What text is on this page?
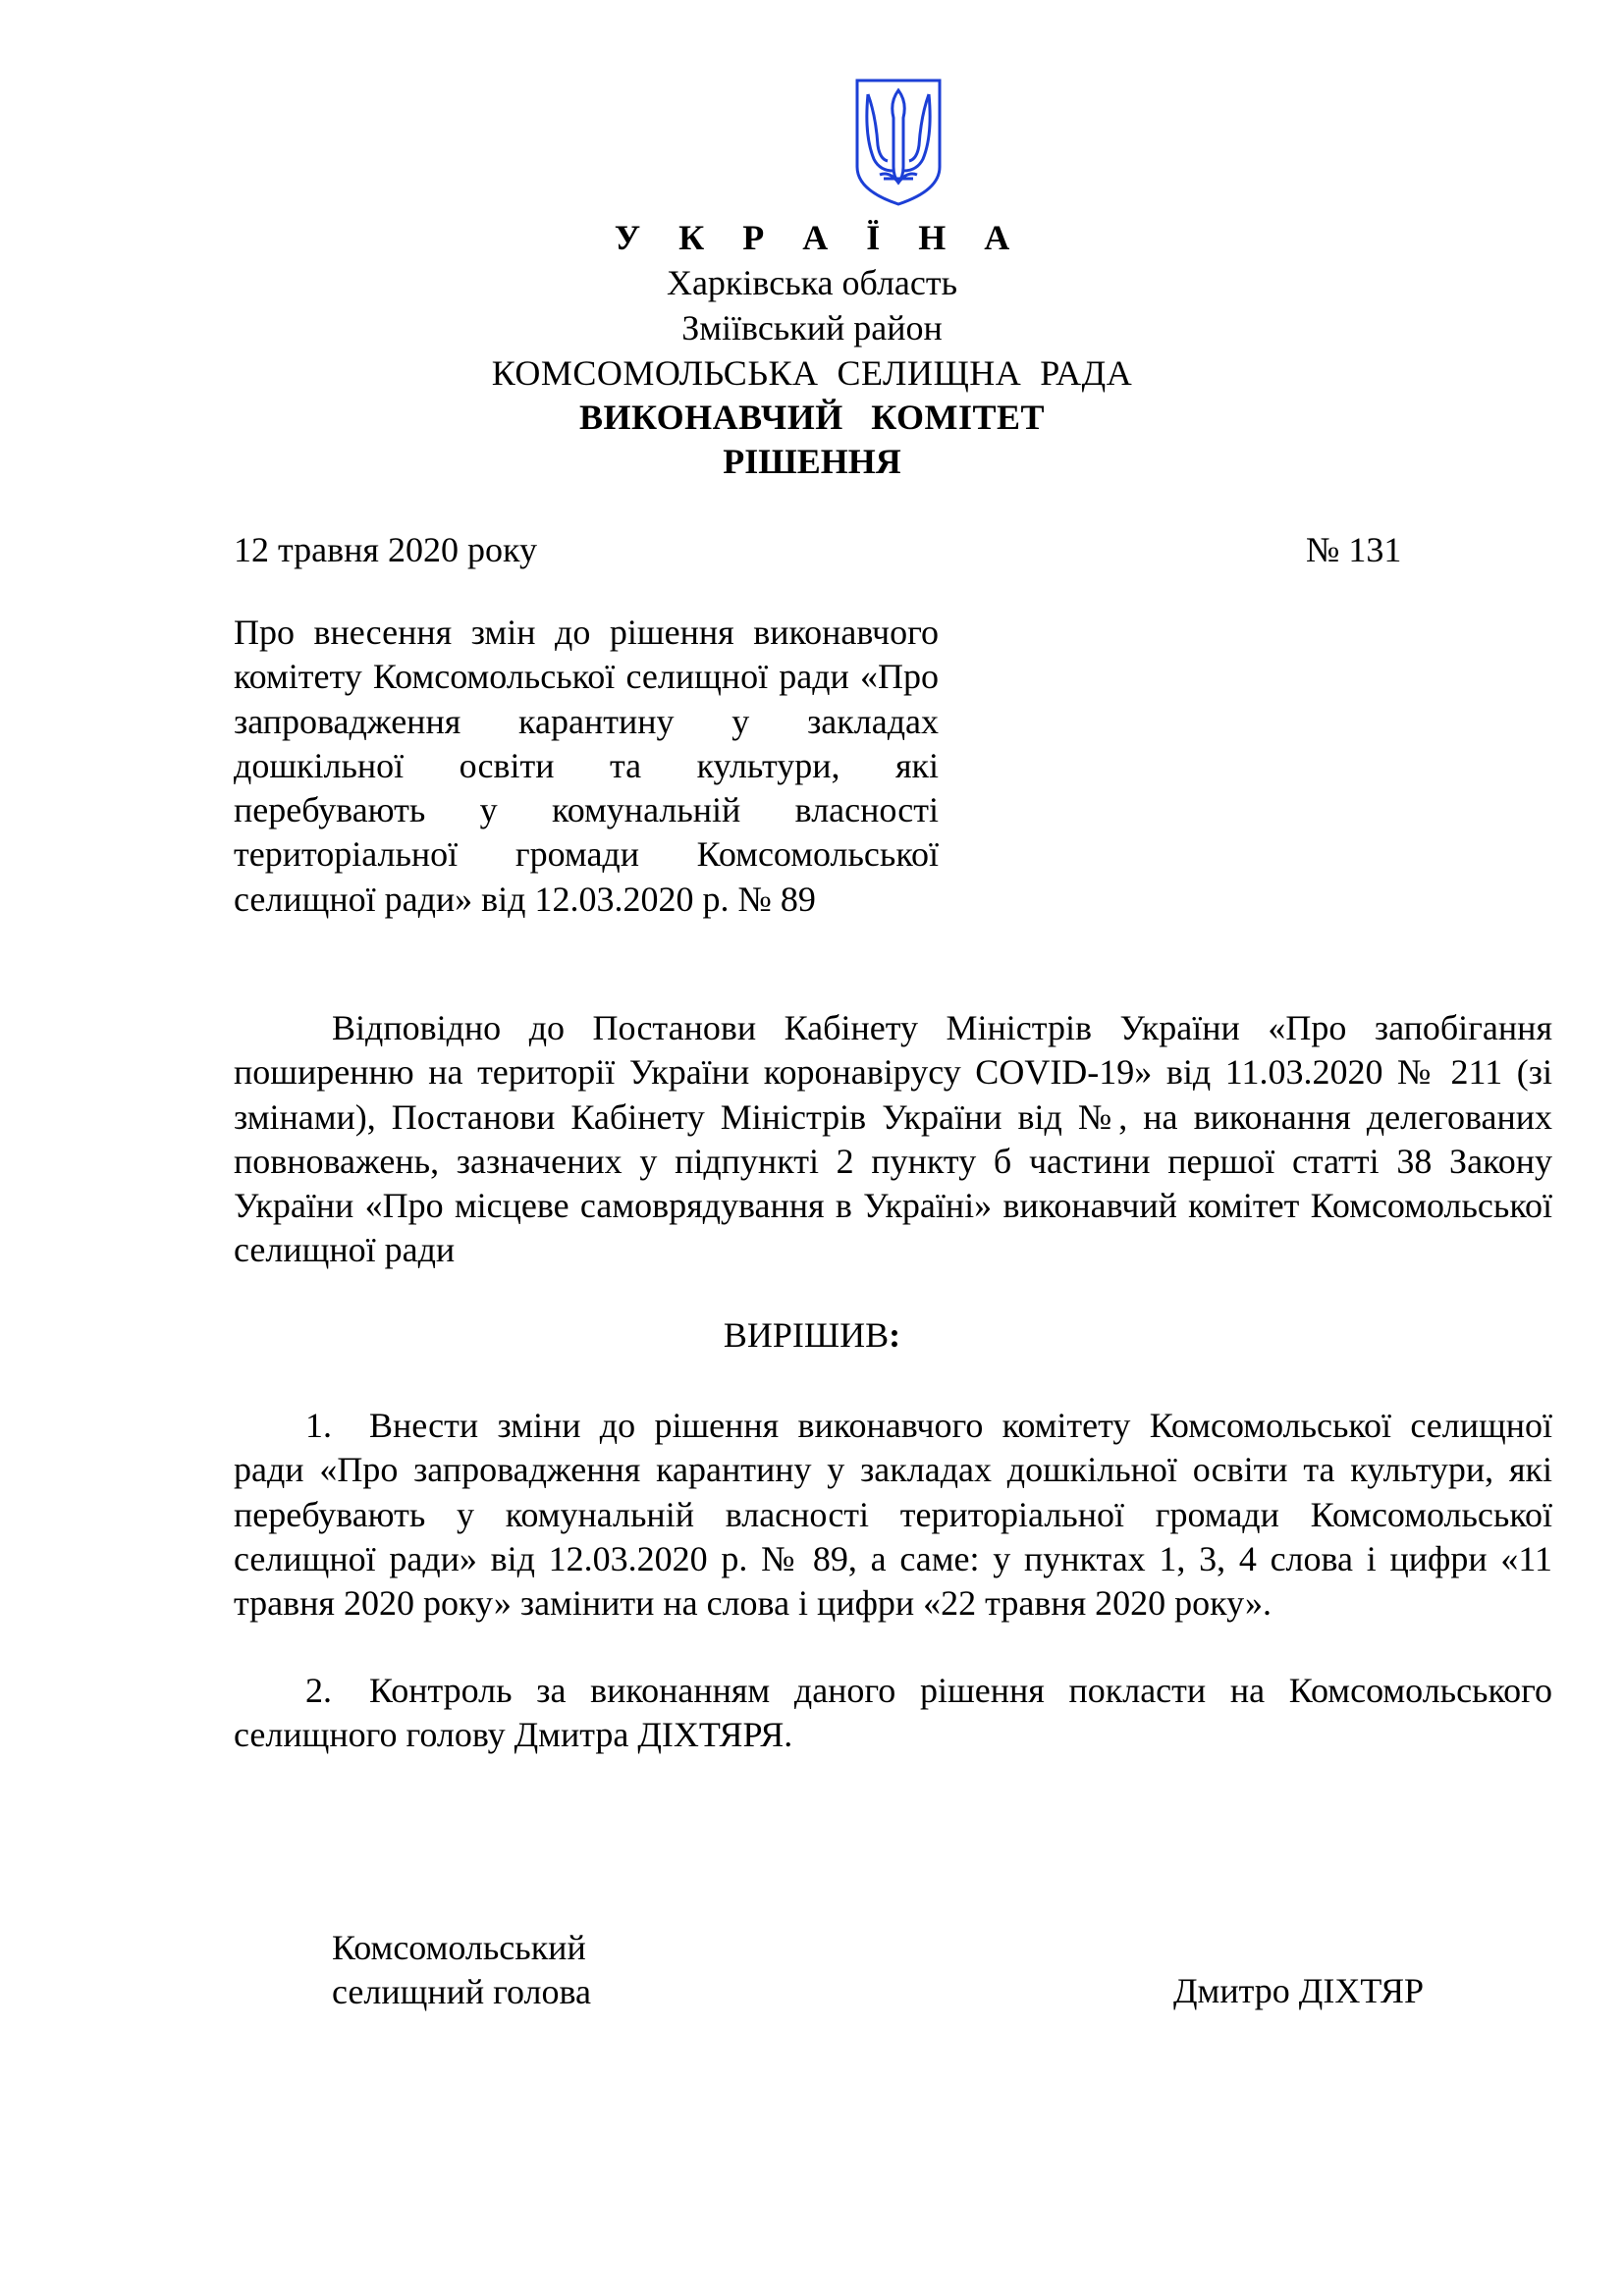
У К Р А Ї Н А

Харківська область

Зміївський район

КОМСОМОЛЬСЬКА  СЕЛИЩНА  РАДА

ВИКОНАВЧИЙ   КОМІТЕТ

РІШЕННЯ

12 травня 2020 року	№ 131

Про внесення змін до рішення виконавчого комітету Комсомольської селищної ради «Про запровадження карантину у закладах дошкільної освіти та культури, які перебувають у комунальній власності територіальної громади Комсомольської селищної ради» від 12.03.2020 р. № 89

Відповідно до Постанови Кабінету Міністрів України «Про запобігання поширенню на території України коронавірусу COVID-19» від 11.03.2020 № 211 (зі змінами), Постанови Кабінету Міністрів України від №, на виконання делегованих повноважень, зазначених у підпункті 2 пункту б частини першої статті 38 Закону України «Про місцеве самоврядування в Україні» виконавчий комітет Комсомольської селищної ради

ВИРІШИВ:

1. Внести зміни до рішення виконавчого комітету Комсомольської селищної ради «Про запровадження карантину у закладах дошкільної освіти та культури, які перебувають у комунальній власності територіальної громади Комсомольської селищної ради» від 12.03.2020 р. № 89, а саме: у пунктах 1, 3, 4 слова і цифри «11 травня 2020 року» замінити на слова і цифри «22 травня 2020 року».

2. Контроль за виконанням даного рішення покласти на Комсомольського селищного голову Дмитра ДІХТЯРЯ.

Комсомольський
селищний голова	Дмитро ДІХТЯР
